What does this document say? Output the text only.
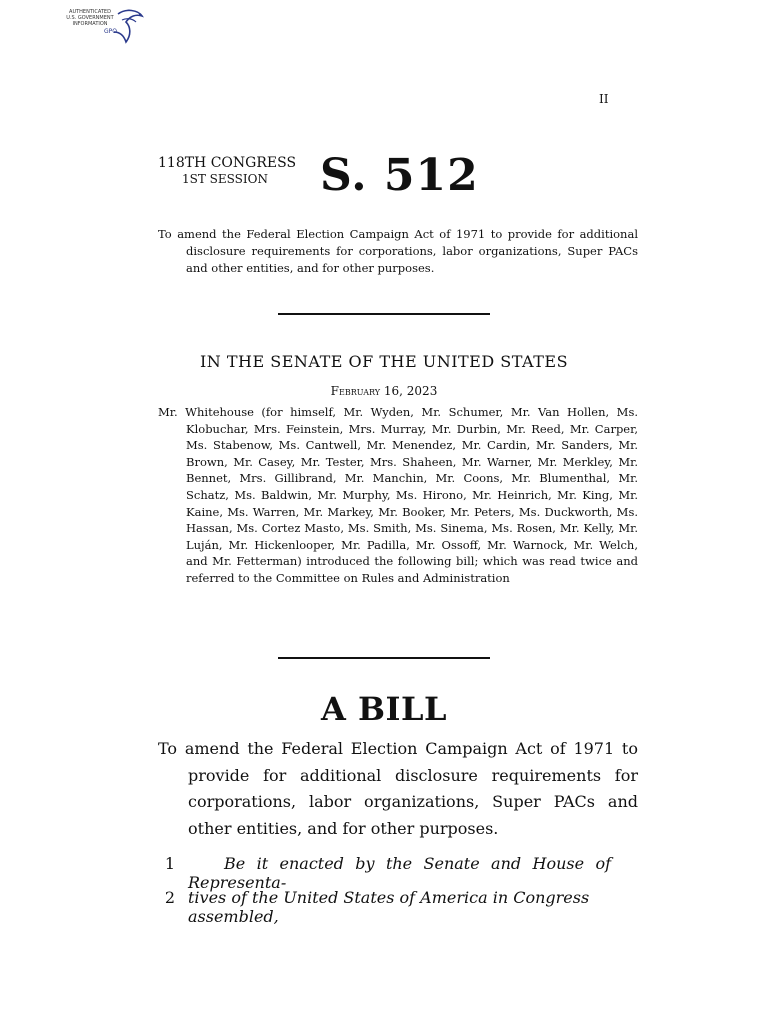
AUTHENTICATED
U.S. GOVERNMENT
INFORMATION
GPO
II
118TH CONGRESS
1ST SESSION	S. 512
To amend the Federal Election Campaign Act of 1971 to provide for additional disclosure requirements for corporations, labor organizations, Super PACs and other entities, and for other purposes.
IN THE SENATE OF THE UNITED STATES
February 16, 2023
Mr. Whitehouse (for himself, Mr. Wyden, Mr. Schumer, Mr. Van Hollen, Ms. Klobuchar, Mrs. Feinstein, Mrs. Murray, Mr. Durbin, Mr. Reed, Mr. Carper, Ms. Stabenow, Ms. Cantwell, Mr. Menendez, Mr. Cardin, Mr. Sanders, Mr. Brown, Mr. Casey, Mr. Tester, Mrs. Shaheen, Mr. Warner, Mr. Merkley, Mr. Bennet, Mrs. Gillibrand, Mr. Manchin, Mr. Coons, Mr. Blumenthal, Mr. Schatz, Ms. Baldwin, Mr. Murphy, Ms. Hirono, Mr. Heinrich, Mr. King, Mr. Kaine, Ms. Warren, Mr. Markey, Mr. Booker, Mr. Peters, Ms. Duckworth, Ms. Hassan, Ms. Cortez Masto, Ms. Smith, Ms. Sinema, Ms. Rosen, Mr. Kelly, Mr. Luján, Mr. Hickenlooper, Mr. Padilla, Mr. Ossoff, Mr. Warnock, Mr. Welch, and Mr. Fetterman) introduced the following bill; which was read twice and referred to the Committee on Rules and Administration
A BILL
To amend the Federal Election Campaign Act of 1971 to provide for additional disclosure requirements for corporations, labor organizations, Super PACs and other entities, and for other purposes.
1	Be it enacted by the Senate and House of Representa-
2 tives of the United States of America in Congress assembled,
